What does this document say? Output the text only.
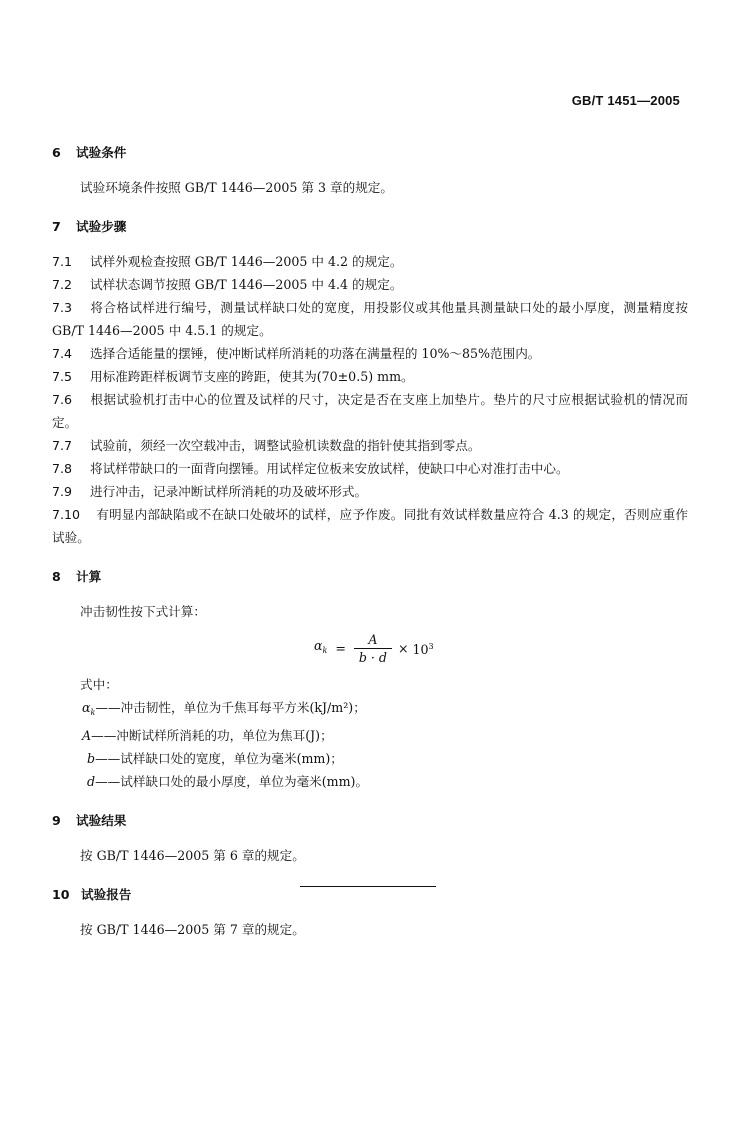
GB/T 1451—2005

6 试验条件

试验环境条件按照 GB/T 1446—2005 第 3 章的规定。

7 试验步骤

7.1 试样外观检查按照 GB/T 1446—2005 中 4.2 的规定。

7.2 试样状态调节按照 GB/T 1446—2005 中 4.4 的规定。

7.3 将合格试样进行编号，测量试样缺口处的宽度，用投影仪或其他量具测量缺口处的最小厚度，测量精度按 GB/T 1446—2005 中 4.5.1 的规定。

7.4 选择合适能量的摆锤，使冲断试样所消耗的功落在满量程的 10%～85%范围内。

7.5 用标准跨距样板调节支座的跨距，使其为(70±0.5) mm。

7.6 根据试验机打击中心的位置及试样的尺寸，决定是否在支座上加垫片。垫片的尺寸应根据试验机的情况而定。

7.7 试验前，须经一次空载冲击，调整试验机读数盘的指针使其指到零点。

7.8 将试样带缺口的一面背向摆锤。用试样定位板来安放试样，使缺口中心对准打击中心。

7.9 进行冲击，记录冲断试样所消耗的功及破坏形式。

7.10 有明显内部缺陷或不在缺口处破坏的试样，应予作废。同批有效试样数量应符合 4.3 的规定，否则应重作试验。

8 计算

冲击韧性按下式计算：

$\alpha_k = \frac{A}{b \cdot d} \times 10^3$

式中：

$\alpha_k——$冲击韧性，单位为千焦耳每平方米(kJ/m²)；

A——冲断试样所消耗的功，单位为焦耳(J)；

b——试样缺口处的宽度，单位为毫米(mm)；

d——试样缺口处的最小厚度，单位为毫米(mm)。

9 试验结果

按 GB/T 1446—2005 第 6 章的规定。

10 试验报告

按 GB/T 1446—2005 第 7 章的规定。
